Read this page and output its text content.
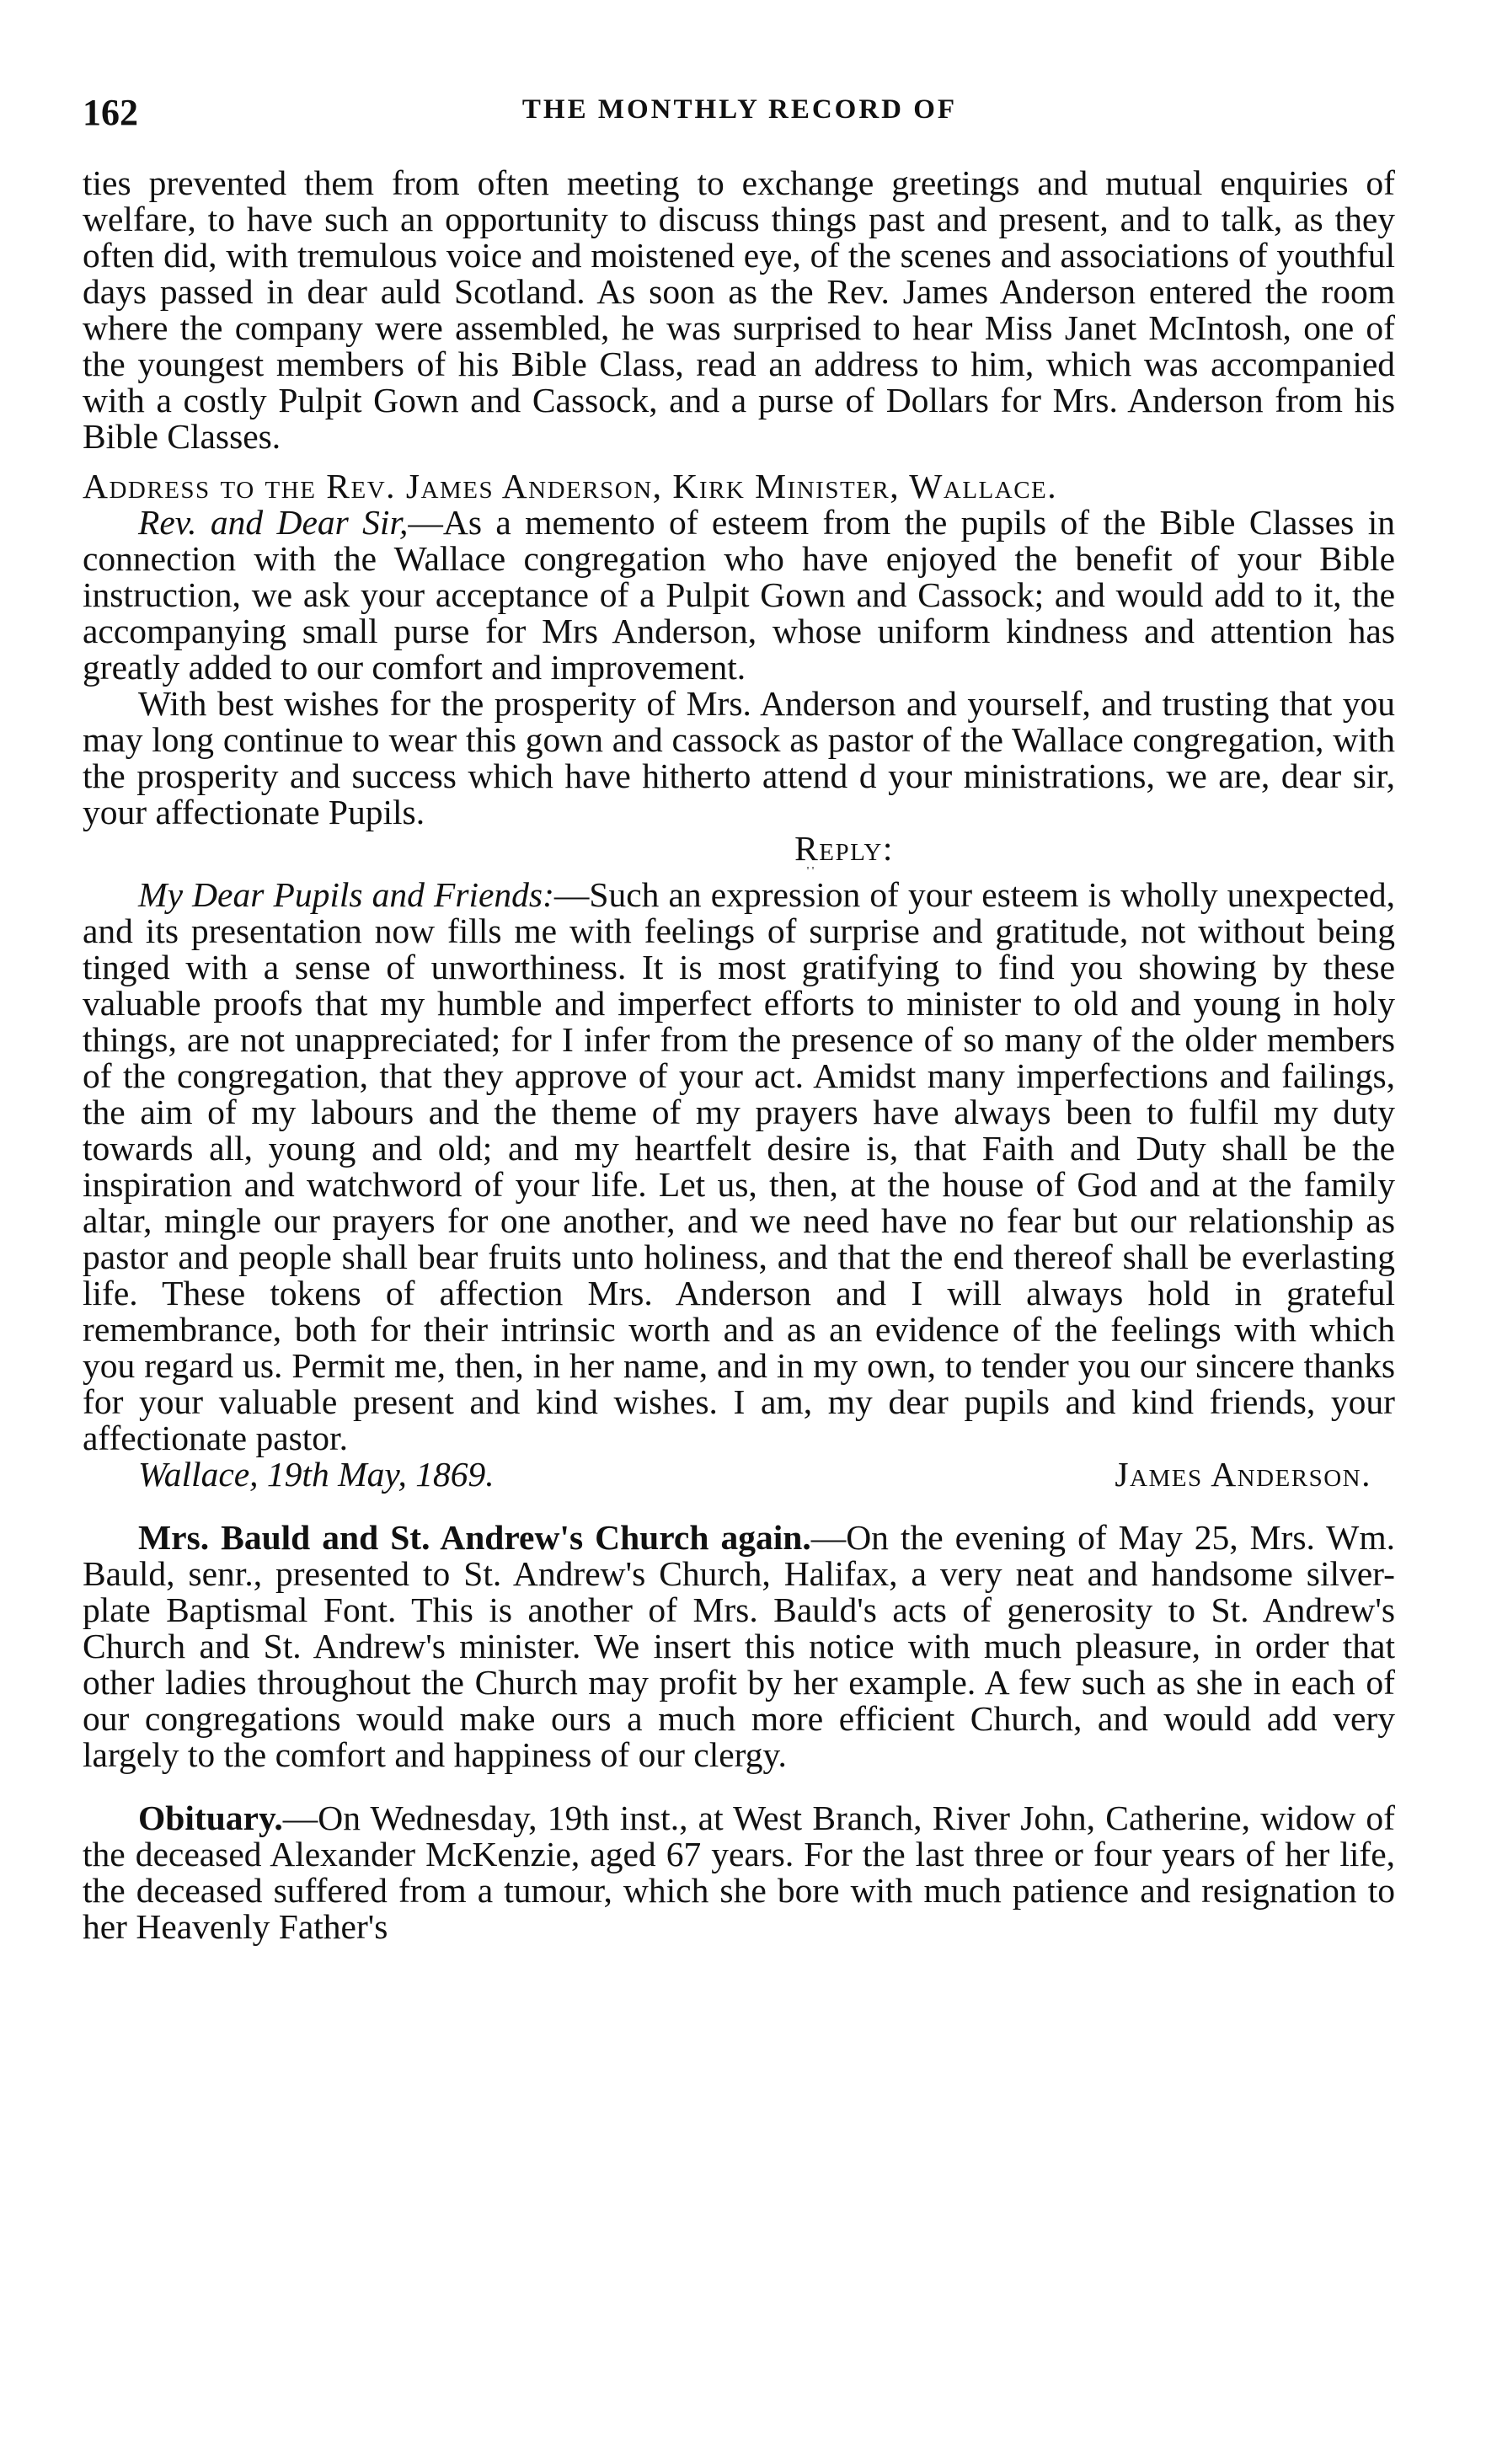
162	THE MONTHLY RECORD OF

ties prevented them from often meeting to exchange greetings and mutual enquiries of welfare, to have such an opportunity to discuss things past and present, and to talk, as they often did, with tremulous voice and moistened eye, of the scenes and associations of youthful days passed in dear auld Scotland. As soon as the Rev. James Anderson entered the room where the company were assembled, he was surprised to hear Miss Janet McIntosh, one of the youngest members of his Bible Class, read an address to him, which was accompanied with a costly Pulpit Gown and Cassock, and a purse of Dollars for Mrs. Anderson from his Bible Classes.

Address to the Rev. James Anderson, Kirk Minister, Wallace.

Rev. and Dear Sir,—As a memento of esteem from the pupils of the Bible Classes in connection with the Wallace congregation who have enjoyed the benefit of your Bible instruction, we ask your acceptance of a Pulpit Gown and Cassock; and would add to it, the accompanying small purse for Mrs Anderson, whose uniform kindness and attention has greatly added to our comfort and improvement.

With best wishes for the prosperity of Mrs. Anderson and yourself, and trusting that you may long continue to wear this gown and cassock as pastor of the Wallace congregation, with the prosperity and success which have hitherto attend d your ministrations, we are, dear sir, your affectionate Pupils.

Reply:
' '

My Dear Pupils and Friends:—Such an expression of your esteem is wholly unexpected, and its presentation now fills me with feelings of surprise and gratitude, not without being tinged with a sense of unworthiness. It is most gratifying to find you showing by these valuable proofs that my humble and imperfect efforts to minister to old and young in holy things, are not unappreciated; for I infer from the presence of so many of the older members of the congregation, that they approve of your act. Amidst many imperfections and failings, the aim of my labours and the theme of my prayers have always been to fulfil my duty towards all, young and old; and my heartfelt desire is, that Faith and Duty shall be the inspiration and watchword of your life. Let us, then, at the house of God and at the family altar, mingle our prayers for one another, and we need have no fear but our relationship as pastor and people shall bear fruits unto holiness, and that the end thereof shall be everlasting life. These tokens of affection Mrs. Anderson and I will always hold in grateful remembrance, both for their intrinsic worth and as an evidence of the feelings with which you regard us. Permit me, then, in her name, and in my own, to tender you our sincere thanks for your valuable present and kind wishes. I am, my dear pupils and kind friends, your affectionate pastor.

Wallace, 19th May, 1869.	James Anderson.

Mrs. Bauld and St. Andrew's Church again.—On the evening of May 25, Mrs. Wm. Bauld, senr., presented to St. Andrew's Church, Halifax, a very neat and handsome silver-plate Baptismal Font. This is another of Mrs. Bauld's acts of generosity to St. Andrew's Church and St. Andrew's minister. We insert this notice with much pleasure, in order that other ladies throughout the Church may profit by her example. A few such as she in each of our congregations would make ours a much more efficient Church, and would add very largely to the comfort and happiness of our clergy.

Obituary.—On Wednesday, 19th inst., at West Branch, River John, Catherine, widow of the deceased Alexander McKenzie, aged 67 years. For the last three or four years of her life, the deceased suffered from a tumour, which she bore with much patience and resignation to her Heavenly Father's
